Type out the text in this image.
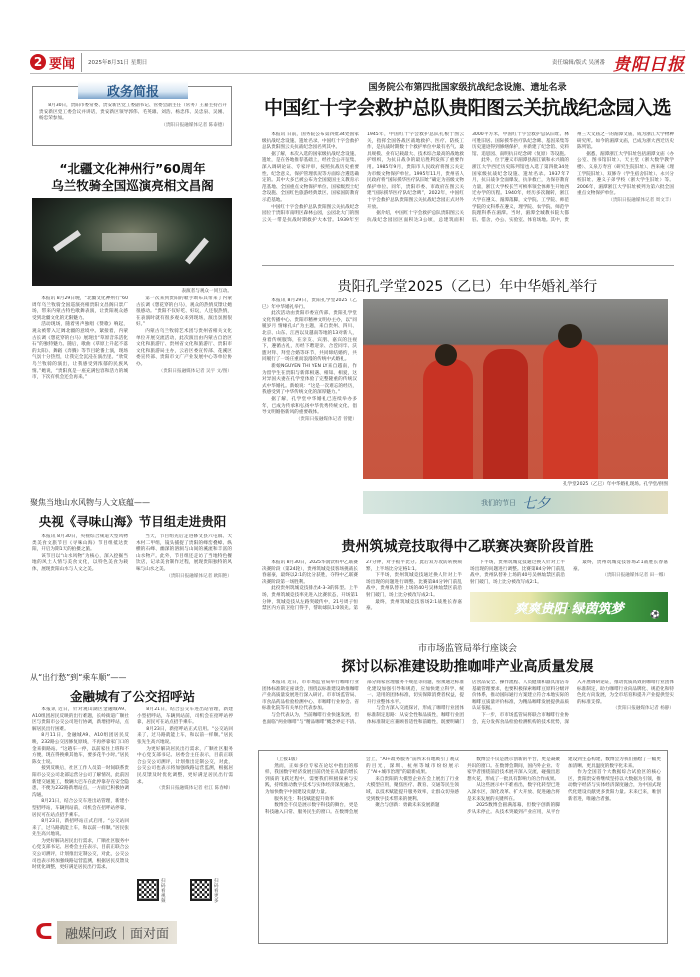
2 要闻	2025年8月31日 星期日	责任编辑/版式 吴湧番 贵阳日报
政务简报

8月30日，贵阳市委常委、贵安新区党工委副书记、管委会副主任（常务）王嘉主持召开贵安新区党工委会议并讲话，贵安新区领导郭伟、毛英雄、刘浩、杨忠伟、吴忠泉、吴刚、杨忠荣参加。

（贵阳日报融媒体记者 陈泰德）

“北疆文化神州行”60周年
乌兰牧骑全国巡演亮相文昌阁
表演者与观众一同互动。

本报讯 8月29日晚，“北疆文化神州行”60周年乌兰牧骑全国巡演亮相贵阳文昌阁日景广场，带来内蒙古特色歌舞表演，让贵阳观众感受到北疆文化的无限魅力。

活动现场，随着男声独唱《赞歌》响起，观众被带入辽阔北疆的意境中。紧接着，内蒙古长调《想花穿的白马》展现出“草原音乐活化石”的独特魅力。随后，歌曲《草原上升起不落的太阳》、舞蹈《奔腾》等节目轮番上演，现场气氛十分热烈，让我完全沉浸在演出里。“欣赏乌兰牧骑的演出，让我感受到浓郁的民族风情。”她说，“贵阳真是一座充满包容和活力的城市，下次有机会还会再来。”

第一次来到贵阳的歌手颂布其带来了内蒙古长调《想花穿的白马》，观众的热情反馈让她很感动。“贵阳不仅好吃、好玩，人还很热情，在表演时就有很多观众来到现场，演出氛围很好。”

内蒙古乌兰牧骑艺术团与贵州省相关文化单位开展交流活动，此次演出由内蒙古自治区文化和旅游厅、贵州省文化和旅游厅、贵阳市文化和旅游局主办，云岩区委宣传部、花溪区委宣传部、贵阳市文广产业发展中心等单位协办。

（贵阳日报融媒体记者 吴宇 文/图）

聚焦当地山水风物与人文底蕴——
央视《寻味山海》节目组走进贵阳

本报讯 8月30日，央视综合频道大型风物类美食文旅节目《寻味山海》节目组抵达贵阳，开启为期1天的拍摄之旅。

该节目以“山水风物”为核心，深入挖掘当地的风土人情与美食文化，以特色美食为载体，展现贵阳山水与人文之美。

当天，节目组先后走进修文县六屯镇、大木村二甲组，镜头捕捉了贵阳的峰峦叠嶂、纵横的石峰、幽深的溶洞与山间的溪流和丰富的山水物产。此外，节目组还走访了当地特色餐饮店，记录美食制作过程，展现贵阳独特的风味与山水之美。

（贵阳日报融媒体记者 欧阳艳）

从“出行愁”到“乘车顺”——
金融城有了公交招呼站

本报讯 近日，针对观山湖区金融城A9、A10组团居民反映的出行难题，长岭街道广顺社区与贵阳市公交公司进行协调，新增招呼站，点解居民出行困难。

8月11日，金融城A9、A10组团居民反映，232路公交因修复原线，不再停靠家门口的金来街路站。“这趟车一停，以前家住上班和不方便，现在得换乘其他车，要多花半小时。”居民陈女士说。

接到反映后，社区工作人员第一时间联系贵阳市公交公司北部运营分公司了解情况，此前因新建交通施工，数辆大巴车在此停靠存在安全隐患，不便为232路新增站点，一方面已积极协调沟通。

8月21日，结合公交车进出站管理，新建小型招呼站，车辆到站前，司机会在招呼站停靠，居民可在站点招手乘车。

8月23日，新招呼站正式启用。“公交站回来了，过马路就能上车，和以前一样顺。”居民张先生高兴地说。

为更好解决居民出行需求，广顺社区服务中心党支部书记、居委会主任表示，目前正联合公交公司测评，计划推出定制公交，对此，公交公司也表示将加强线路运营监测，根据居民反馈及时优化调整，更好满足居民出行需求。

8月21日，结合公交车进出站管理，新建小型招呼站，车辆到站前，司机会在招呼站停靠，居民可在站点招手乘车。

8月23日，新招呼站正式启用。“公交站回来了，过马路就能上车，和以前一样顺。”居民张先生高兴地说。

为更好解决居民出行需求，广顺社区服务中心党支部书记、居委会主任表示，目前正联合公交公司测评，计划推出定制公交，对此，公交公司也表示将加强线路运营监测，根据居民反馈及时优化调整，更好满足居民出行需求。

（贵阳日报融媒体记者 杜江 陈春峰）

扫码看视频
扫码看更多
ᑕ 融媒问政｜面对面
国务院公布第四批国家级抗战纪念设施、遗址名录
中国红十字会救护总队贵阳图云关抗战纪念园入选

本报讯 日前，国务院公布第四批34处国家级抗战纪念设施、遗址名录，中国红十字会救护总队贵阳图云关抗战纪念园名列其中。

据了解，本次入选的国家级抗战纪念设施、遗址，是在各地推荐基础上，经社会公开征集、深入调研论证、专家评审，按照抗战历史重要性、纪念意义、保护管理状况等方面综合遴选确定的。其中大多已被公布为全国爱国主义教育示范基地、全国重点文物保护单位、国家级烈士纪念设施、全国红色旅游经典景区、国家国防教育示范基地。

中国红十字会救护总队贵阳图云关抗战纪念园位于贵阳市南明区森林公园，公园北大门的图云关一带是抗战时期救护大本营。1939年至1945年，中国红十字会救护总队扎根于图云关，指挥全国各战区战地救护、医疗、防疫工作，是抗战时期数十个救护单位中最有名气、最具规模、业有记载最大、技术综合最高的战地救护组织，为抗日战争的最后胜利发挥了重要作用。1985年9月，贵阳市人民政府将图云关定为市级文物保护单位。1995年11月，贵州省人民政府将“国际援华医疗队旧址”确定为省级文物保护单位。同年，贵阳市委、市政府在图云关建“国际援华医疗队纪念碑”，2022年，中国红十字会救护总队贵阳图云关抗战纪念园正式对外开放。

据介绍，中国红十字会救护总队贵阳图云关抗战纪念园园区面积达3公顷，总建筑面积3000平方米，中国红十字会救护总队旧址、林可胜旧居、国际援华医疗队纪念碑、基因采集等历史遗迹得到修缮保护，并新建了纪念馆、史料馆、追思园、南明抗日纪念碑（复原）等设施。

此外，位于遵义市湄潭县湄江镇和永兴镇的浙江大学西迁历史陈列馆也入选了第四批34处国家级抗战纪念设施、遗址名录。1937年7月，抗日战争全面爆发，抗争救亡，为保存教育力量，浙江大学校长竺可桢率领全体师生开始西迁办学的历程。1940年，经历多次辗转，浙江大学在遵义、湄潭落脚，文学院、工学院、师范学院的文科系在遵义，理学院、农学院、师范学院理科系在湄潭。当时，湄潭全城教书院大都驻、借舍，办公、实验室、体育场地。其中，贵州三大文庙之一的湄潭文庙，成为浙江大学物种研究所。如今的湄潭文庙，已成为浙大西迁历史陈列馆。

据悉，湄潭浙江大学旧址包括湄潭文庙（办公室、图书馆旧址）、天主堂（浙大数学教学楼）、义泉万寿宫（研究生院旧址）、西来庵（理工学院旧址）、双修寺（学生宿舍旧址）、永兴分校旧址、遵义子弟学校（浙大学生旧址）等。2006年，湄潭浙江大学旧址被列为第六批全国重点文物保护单位。

（贵阳日报融媒体记者 周文丰）

贵阳孔学堂2025（乙巳）年中华婚礼举行

本报讯 8月29日，贵阳孔学堂2025（乙巳）年中华婚礼举行。

此次活动由贵阳市委宣传部、贵阳孔学堂文化传播中心、贵阳市精神文明办主办，以“同履岁月 情缘孔山”为主题，来自贵州、四川、北京、山东、江西以及越南等地的13对新人，身着传统服饰，在亲友、宾朋、嘉宾的注视下，遵循古礼，历经下聘迎亲、合卺同牢、沃盥对拜、拜堂合婚等环节，共同缔结婚约，共同履行了一场庄重而浪漫的传统中式婚礼。

新娘NGUYEN THI YEN LY来自越南，作为留学生在贵阳与新郎相遇、相知、相爱，这对异国夫妻在孔学堂体验了完整隆重的传统汉式中华婚礼。新娘说：“这是一次难忘的经历，我感受到了中华传统文化的深厚魅力。”

据了解，孔学堂中华婚礼已连续举办多年，已成为传承和弘扬中华优秀传统文化、倡导文明婚俗新风的重要载体。

（贵阳日报融媒体记者 曾健）

孔学堂2025（乙巳）年中华婚礼现场。孔学堂/供图
我们的节日 七夕
贵州筑城竞技取得中乙联赛决赛阶段首胜

本报讯 8月30日，2025华润饮料中乙联赛决赛阶段（第24轮），贵州筑城竞技客场挑战长春嘉豪，最终以2:1的比分获胜，夺得中乙联赛决赛阶段第一场胜利。

此役贵州筑城竞技排出4-3-3的阵型。上半场，贵州筑城竞技率先进入比赛状态，开场第1分钟，筑城竞技从左路突破传中，21号周子恒禁区内方前卫抢门得手，帮助球队1:0领先。第27分钟，对手扳平比分。此后双方攻防转换频繁，上半场比分定格1:1。

下半场，贵州筑城竞技通过换人针对上半场出现的问题进行调整。比赛第84分钟门前乱战中，贵州队替补上场的40号吴林灿禁区前沿射门破门，场上比分被改写成2:1。

最终，贵州筑城竞技客场2:1战胜长春嘉豪。

下半场，贵州筑城竞技通过换人针对上半场出现的问题进行调整。比赛第84分钟门前乱战中，贵州队替补上场的40号吴林灿禁区前沿射门破门，场上比分被改写成2:1。

最终，贵州筑城竞技客场2:1战胜长春嘉豪。

（贵阳日报融媒体记者 田一娜）

爽爽贵阳·绿茵筑梦	⚽
市市场监管局举行座谈会
探讨以标准建设助推咖啡产业高质量发展

本报讯 近日，市市场监管局举行咖啡行业团体标准制定座谈会，围绕以标准建设助推咖啡产业高质量发展进行深入研讨。市市场监管局、市食品药品检验检测中心、市咖啡行业协会、省标准化院等有关单位代表参加。

与会代表认为，当前咖啡行业快速发展，但也面临“两业咖啡”与“精品咖啡”概念界定不清、部分商家管理服务不规范等问题，亟须通过标准化建设加强引导和规范，应加快建立科学、统一、适用的团体标准，切实保障消费者权益，提升行业整体水平。

与会方深入交流探讨，形成了咖啡行业团体标准制定思路：从安全性和品质性，咖啡行业团体标准制定应兼顾普适性和前瞻性，既要明确门店食品安全、操作流程、人员健康和器具清洁等基础管理要求，也要积极探索咖啡豆原料分级评价体系，推动国际通行方案建立符合本地实际的咖啡豆质量评价标准，为精品咖啡发展提供品质认证依据。

下一步，市市场监管局将联合市咖啡行业协会，充分发挥食品检验检测机构的技术优势，深入开展调研论证，推动优质高效的咖啡行业团体标准制定，助力咖啡行业向品牌化、规范化和特色化方向发展，为全市培育和提升产业提供坚实的标准支撑。

（贵阳日报融媒体记者 杨静）

（上接1版）

然而，正如多位专家在论坛中指出的那样，我国数字经济发展目前仍处在从量的增长到质的飞跃过程中，需要我们积极探索与实践，持续推动数字技术与实体经济深度融合，为加快数字中国建设贡献力量。

服务民生：科技赋能提升效率

数博会不仅是展示数字科技的舞台，更是科技融入日常、服务民生的窗口。在数博会展会上，“AI+政务服务”前所未有地吸引了观众的目光，深圳、杭州等城市纷纷展示了“AI+城市治理”的最新成果。

来自贵阳的大模型企业在会上展出了行业大模型应用，聚焦医疗、教育、交通等民生领域，以技术赋能提升服务效率，让群众切身感受到数字技术带来的便利。

聚合与创新：勇做未来发展新题

数博会不仅是展示创新的平台，更是凝聚共识的窗口。在数博会期间，国内外企业、专家学者围绕前沿技术展开深入交流，碰撞出思想火花，形成了一批具有影响力的合作成果。

从这些展示中不难看出，数字化转型已进入深水区，深化改革、扩大开放、促进融合将是未来发展的关键所在。

2025数博会圆满落幕，但数字创新的脚步从未停止。从技术突破到产业应用，从平台建设到生态构建，数博会为我们描绘了一幅更加清晰、更具温度的数字化未来。

作为全国首个大数据综合试验区的核心区，贵阳贵安将继续坚持以大数据为引领，推动数字经济与实体经济深度融合，为中国式现代化建设贡献更多贵阳力量。未来已来，唯创新者进，唯融合者强。
